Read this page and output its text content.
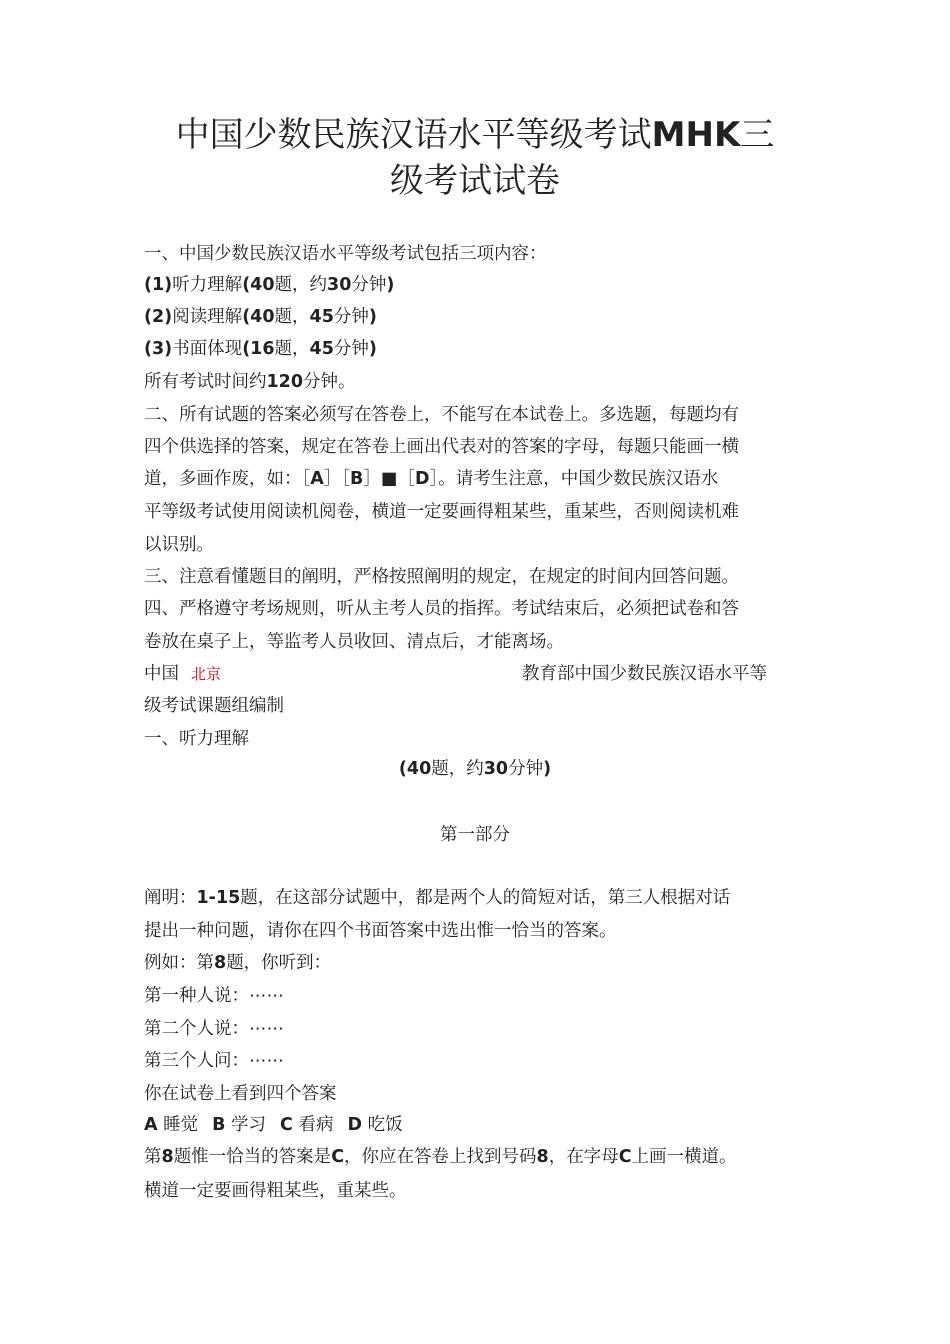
中国少数民族汉语水平等级考试MHK三
级考试试卷
一、中国少数民族汉语水平等级考试包括三项内容：
(1)听力理解(40题，约30分钟)
(2)阅读理解(40题，45分钟)
(3)书面体现(16题，45分钟)
所有考试时间约120分钟。
二、所有试题的答案必须写在答卷上，不能写在本试卷上。多选题，每题均有
四个供选择的答案，规定在答卷上画出代表对的答案的字母，每题只能画一横
道，多画作废，如：［A］［B］■［D］。请考生注意，中国少数民族汉语水
平等级考试使用阅读机阅卷，横道一定要画得粗某些，重某些，否则阅读机难
以识别。
三、注意看懂题目的阐明，严格按照阐明的规定，在规定的时间内回答问题。
四、严格遵守考场规则，听从主考人员的指挥。考试结束后，必须把试卷和答
卷放在桌子上，等监考人员收回、清点后，才能离场。
中国 北京	教育部中国少数民族汉语水平等
级考试课题组编制
一、听力理解
(40题，约30分钟)
第一部分
阐明：1-15题，在这部分试题中，都是两个人的简短对话，第三人根据对话
提出一种问题，请你在四个书面答案中选出惟一恰当的答案。
例如：第8题，你听到：
第一种人说：⋯⋯
第二个人说：⋯⋯
第三个人问：⋯⋯
你在试卷上看到四个答案
A 睡觉 B 学习 C 看病 D 吃饭
第8题惟一恰当的答案是C，你应在答卷上找到号码8，在字母C上画一横道。
横道一定要画得粗某些，重某些。
